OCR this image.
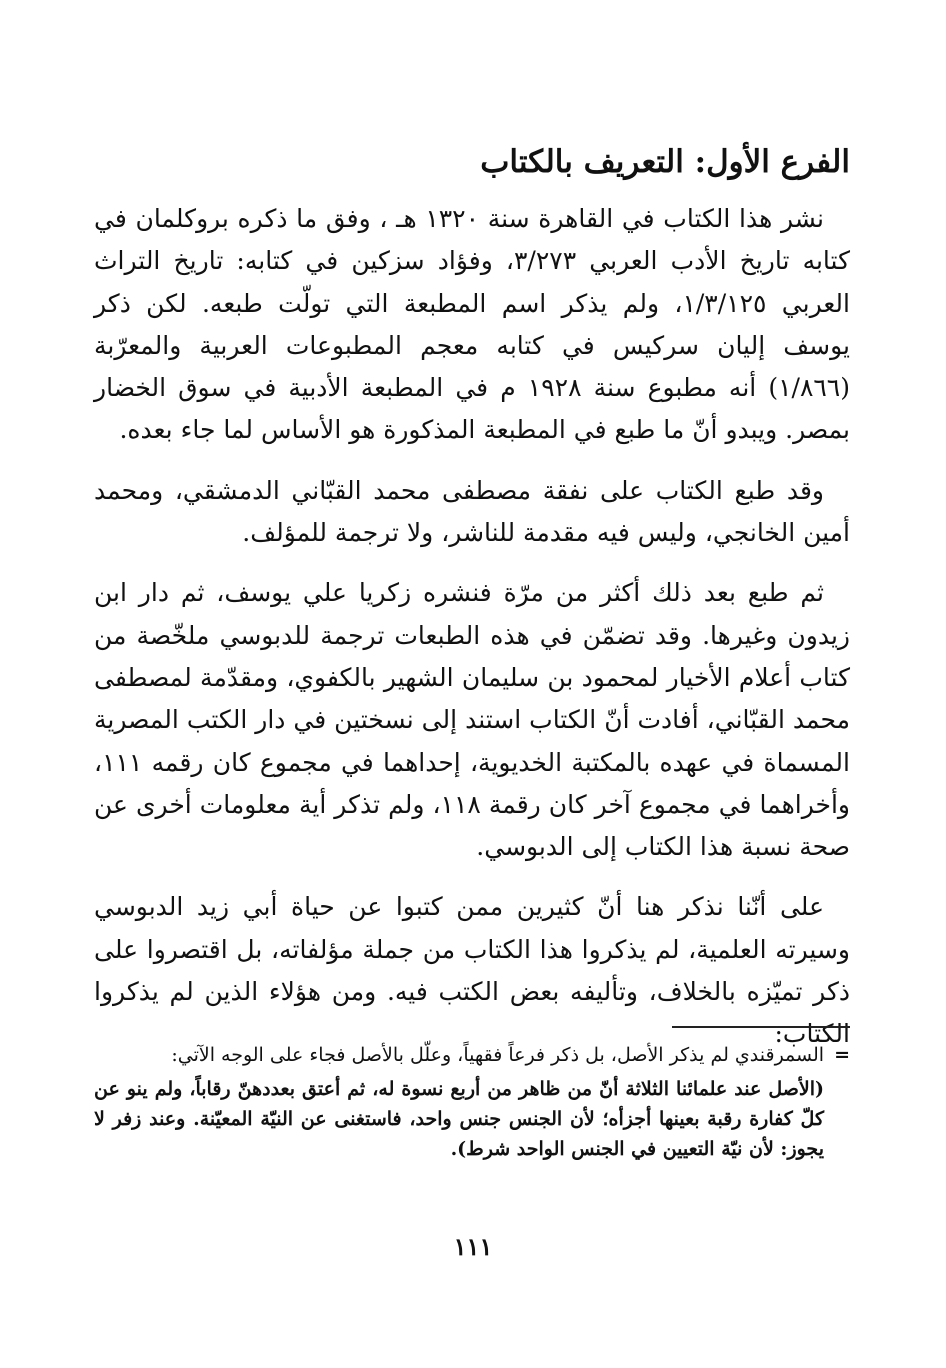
الفرع الأول: التعريف بالكتاب

نشر هذا الكتاب في القاهرة سنة ١٣٢٠ هـ ، وفق ما ذكره بروكلمان في كتابه تاريخ الأدب العربي ٣/٢٧٣، وفؤاد سزكين في كتابه: تاريخ التراث العربي ١/٣/١٢٥، ولم يذكر اسم المطبعة التي تولّت طبعه. لكن ذكر يوسف إليان سركيس في كتابه معجم المطبوعات العربية والمعرّبة (١/٨٦٦) أنه مطبوع سنة ١٩٢٨ م في المطبعة الأدبية في سوق الخضار بمصر. ويبدو أنّ ما طبع في المطبعة المذكورة هو الأساس لما جاء بعده.

وقد طبع الكتاب على نفقة مصطفى محمد القبّاني الدمشقي، ومحمد أمين الخانجي، وليس فيه مقدمة للناشر، ولا ترجمة للمؤلف.

ثم طبع بعد ذلك أكثر من مرّة فنشره زكريا علي يوسف، ثم دار ابن زيدون وغيرها. وقد تضمّن في هذه الطبعات ترجمة للدبوسي ملخّصة من كتاب أعلام الأخيار لمحمود بن سليمان الشهير بالكفوي، ومقدّمة لمصطفى محمد القبّاني، أفادت أنّ الكتاب استند إلى نسختين في دار الكتب المصرية المسماة في عهده بالمكتبة الخديوية، إحداهما في مجموع كان رقمه ١١١، وأخراهما في مجموع آخر كان رقمة ١١٨، ولم تذكر أية معلومات أخرى عن صحة نسبة هذا الكتاب إلى الدبوسي.

على أنّنا نذكر هنا أنّ كثيرين ممن كتبوا عن حياة أبي زيد الدبوسي وسيرته العلمية، لم يذكروا هذا الكتاب من جملة مؤلفاته، بل اقتصروا على ذكر تميّزه بالخلاف، وتأليفه بعض الكتب فيه. ومن هؤلاء الذين لم يذكروا الكتاب:

=السمرقندي لم يذكر الأصل، بل ذكر فرعاً فقهياً، وعلّل بالأصل فجاء على الوجه الآتي:

(الأصل عند علمائنا الثلاثة أنّ من ظاهر من أربع نسوة له، ثم أعتق بعددهنّ رقاباً، ولم ينو عن كلّ كفارة رقبة بعينها أجزأه؛ لأن الجنس جنس واحد، فاستغنى عن النيّة المعيّنة. وعند زفر لا يجوز: لأن نيّة التعيين في الجنس الواحد شرط).

١١١
